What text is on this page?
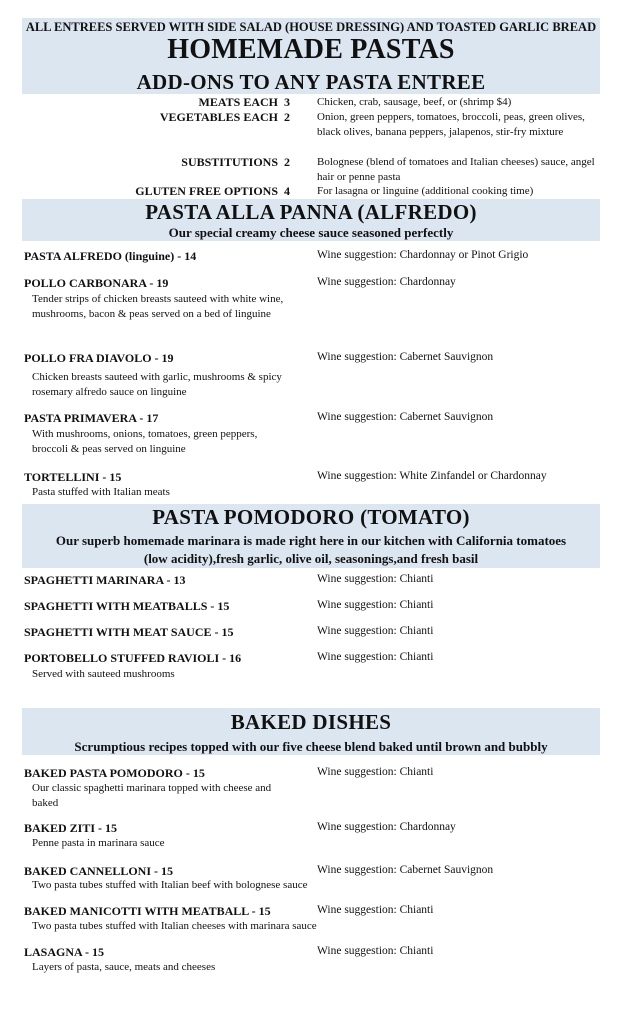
ALL ENTREES SERVED WITH SIDE SALAD (HOUSE DRESSING) AND TOASTED GARLIC BREAD
HOMEMADE PASTAS
ADD-ONS TO ANY PASTA ENTREE
MEATS EACH 3 Chicken, crab, sausage, beef, or (shrimp $4)
VEGETABLES EACH 2 Onion, green peppers, tomatoes, broccoli, peas, green olives, black olives, banana peppers, jalapenos, stir-fry mixture
SUBSTITUTIONS 2 Bolognese (blend of tomatoes and Italian cheeses) sauce, angel hair or penne pasta
GLUTEN FREE OPTIONS 4 For lasagna or linguine (additional cooking time)
PASTA ALLA PANNA (ALFREDO)
Our special creamy cheese sauce seasoned perfectly
PASTA ALFREDO (linguine) - 14	Wine suggestion: Chardonnay or Pinot Grigio
POLLO CARBONARA - 19	Wine suggestion: Chardonnay
Tender strips of chicken breasts sauteed with white wine, mushrooms, bacon & peas served on a bed of linguine
POLLO FRA DIAVOLO - 19	Wine suggestion: Cabernet Sauvignon
Chicken breasts sauteed with garlic, mushrooms & spicy rosemary alfredo sauce on linguine
PASTA PRIMAVERA - 17	Wine suggestion: Cabernet Sauvignon
With mushrooms, onions, tomatoes, green peppers, broccoli & peas served on linguine
TORTELLINI - 15	Wine suggestion: White Zinfandel or Chardonnay
Pasta stuffed with Italian meats
PASTA POMODORO (TOMATO)
Our superb homemade marinara is made right here in our kitchen with California tomatoes
(low acidity),fresh garlic, olive oil, seasonings,and fresh basil
SPAGHETTI MARINARA - 13	Wine suggestion: Chianti
SPAGHETTI WITH MEATBALLS - 15	Wine suggestion: Chianti
SPAGHETTI WITH MEAT SAUCE - 15	Wine suggestion: Chianti
PORTOBELLO STUFFED RAVIOLI - 16	Wine suggestion: Chianti
Served with sauteed mushrooms
BAKED DISHES
Scrumptious recipes topped with our five cheese blend baked until brown and bubbly
BAKED PASTA POMODORO - 15	Wine suggestion: Chianti
Our classic spaghetti marinara topped with cheese and baked
BAKED ZITI - 15	Wine suggestion: Chardonnay
Penne pasta in marinara sauce
BAKED CANNELLONI - 15	Wine suggestion: Cabernet Sauvignon
Two pasta tubes stuffed with Italian beef with bolognese sauce
BAKED MANICOTTI WITH MEATBALL - 15	Wine suggestion: Chianti
Two pasta tubes stuffed with Italian cheeses with marinara sauce
LASAGNA - 15	Wine suggestion: Chianti
Layers of pasta, sauce, meats and cheeses
